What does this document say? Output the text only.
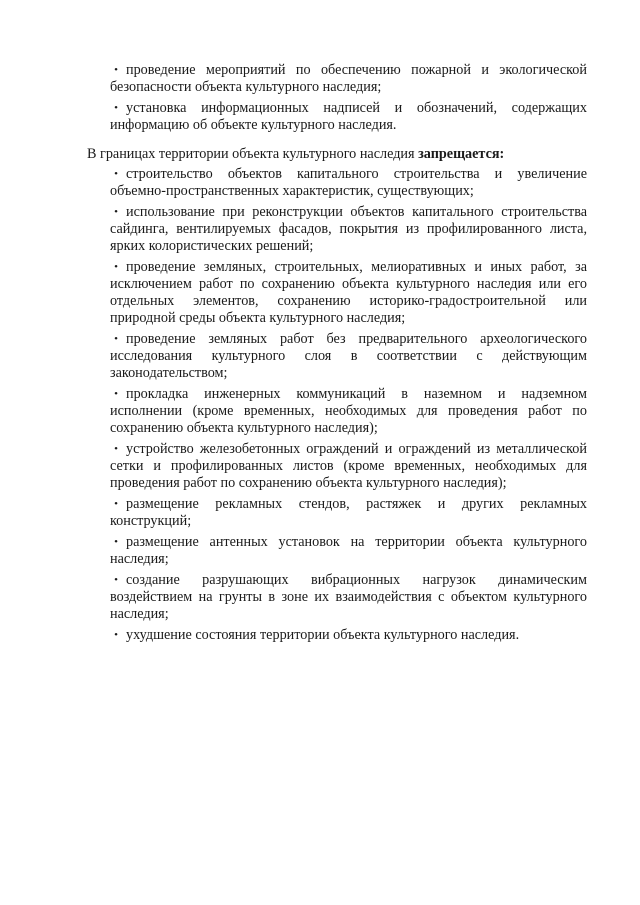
• проведение мероприятий по обеспечению пожарной и экологической безопасности объекта культурного наследия;
• установка информационных надписей и обозначений, содержащих информацию об объекте культурного наследия.

В границах территории объекта культурного наследия запрещается:

• строительство объектов капитального строительства и увеличение объемно-пространственных характеристик, существующих;
• использование при реконструкции объектов капитального строительства сайдинга, вентилируемых фасадов, покрытия из профилированного листа, ярких колористических решений;
• проведение земляных, строительных, мелиоративных и иных работ, за исключением работ по сохранению объекта культурного наследия или его отдельных элементов, сохранению историко-градостроительной или природной среды объекта культурного наследия;
• проведение земляных работ без предварительного археологического исследования культурного слоя в соответствии с действующим законодательством;
• прокладка инженерных коммуникаций в наземном и надземном исполнении (кроме временных, необходимых для проведения работ по сохранению объекта культурного наследия);
• устройство железобетонных ограждений и ограждений из металлической сетки и профилированных листов (кроме временных, необходимых для проведения работ по сохранению объекта культурного наследия);
• размещение рекламных стендов, растяжек и других рекламных конструкций;
• размещение антенных установок на территории объекта культурного наследия;
• создание разрушающих вибрационных нагрузок динамическим воздействием на грунты в зоне их взаимодействия с объектом культурного наследия;
• ухудшение состояния территории объекта культурного наследия.
